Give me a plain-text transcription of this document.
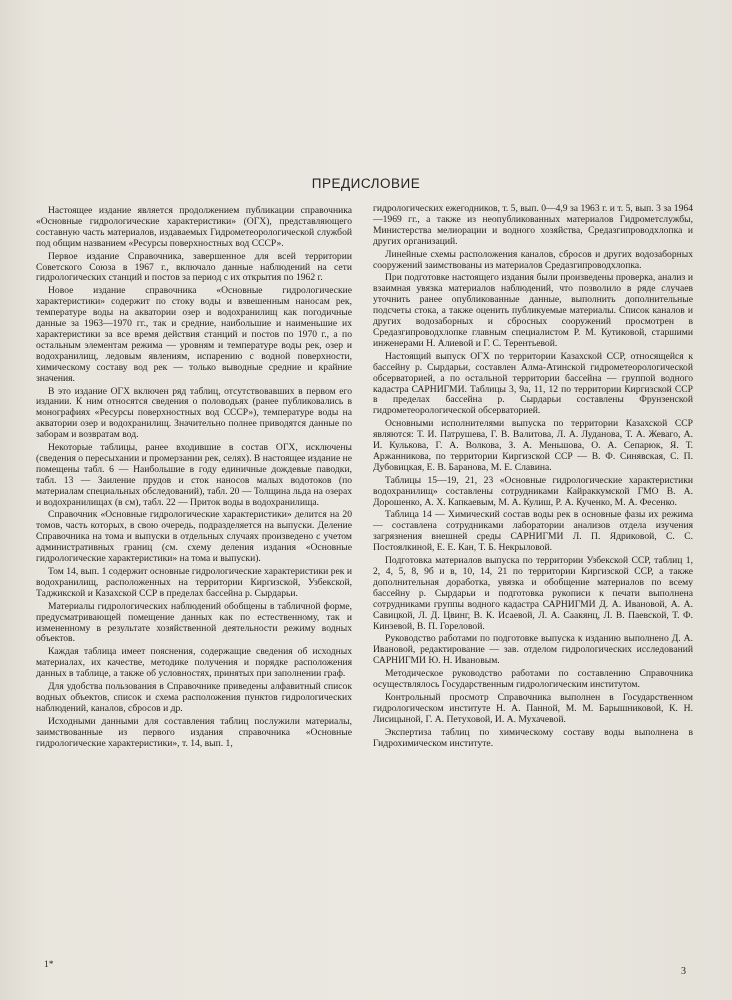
ПРЕДИСЛОВИЕ

Настоящее издание является продолжением публикации справочника «Основные гидрологические характеристики» (ОГХ), представляющего составную часть материалов, издаваемых Гидрометеорологической службой под общим названием «Ресурсы поверхностных вод СССР».

Первое издание Справочника, завершенное для всей территории Советского Союза в 1967 г., включало данные наблюдений на сети гидрологических станций и постов за период с их открытия по 1962 г.

Новое издание справочника «Основные гидрологические характеристики» содержит по стоку воды и взвешенным наносам рек, температуре воды на акватории озер и водохранилищ как погодичные данные за 1963—1970 гг., так и средние, наибольшие и наименьшие их характеристики за все время действия станций и постов по 1970 г., а по остальным элементам режима — уровням и температуре воды рек, озер и водохранилищ, ледовым явлениям, испарению с водной поверхности, химическому составу вод рек — только выводные средние и крайние значения.

В это издание ОГХ включен ряд таблиц, отсутствовавших в первом его издании. К ним относятся сведения о половодьях (ранее публиковались в монографиях «Ресурсы поверхностных вод СССР»), температуре воды на акватории озер и водохранилищ. Значительно полнее приводятся данные по заборам и возвратам вод.

Некоторые таблицы, ранее входившие в состав ОГХ, исключены (сведения о пересыхании и промерзании рек, селях). В настоящее издание не помещены табл. 6 — Наибольшие в году единичные дождевые паводки, табл. 13 — Заиление прудов и сток наносов малых водотоков (по материалам специальных обследований), табл. 20 — Толщина льда на озерах и водохранилищах (в см), табл. 22 — Приток воды в водохранилища.

Справочник «Основные гидрологические характеристики» делится на 20 томов, часть которых, в свою очередь, подразделяется на выпуски. Деление Справочника на тома и выпуски в отдельных случаях произведено с учетом административных границ (см. схему деления издания «Основные гидрологические характеристики» на тома и выпуски).

Том 14, вып. 1 содержит основные гидрологические характеристики рек и водохранилищ, расположенных на территории Киргизской, Узбекской, Таджикской и Казахской ССР в пределах бассейна р. Сырдарьи.

Материалы гидрологических наблюдений обобщены в табличной форме, предусматривающей помещение данных как по естественному, так и измененному в результате хозяйственной деятельности режиму водных объектов.

Каждая таблица имеет пояснения, содержащие сведения об исходных материалах, их качестве, методике получения и порядке расположения данных в таблице, а также об условностях, принятых при заполнении граф.

Для удобства пользования в Справочнике приведены алфавитный список водных объектов, список и схема расположения пунктов гидрологических наблюдений, каналов, сбросов и др.

Исходными данными для составления таблиц послужили материалы, заимствованные из первого издания справочника «Основные гидрологические характеристики», т. 14, вып. 1,

гидрологических ежегодников, т. 5, вып. 0—4,9 за 1963 г. и т. 5, вып. 3 за 1964—1969 гг., а также из неопубликованных материалов Гидрометслужбы, Министерства мелиорации и водного хозяйства, Средазгипроводхлопка и других организаций.

Линейные схемы расположения каналов, сбросов и других водозаборных сооружений заимствованы из материалов Средазгипроводхлопка.

При подготовке настоящего издания были произведены проверка, анализ и взаимная увязка материалов наблюдений, что позволило в ряде случаев уточнить ранее опубликованные данные, выполнить дополнительные подсчеты стока, а также оценить публикуемые материалы. Список каналов и других водозаборных и сбросных сооружений просмотрен в Средазгипроводхлопке главным специалистом Р. М. Кутиковой, старшими инженерами Н. Алиевой и Г. С. Терентьевой.

Настоящий выпуск ОГХ по территории Казахской ССР, относящейся к бассейну р. Сырдарьи, составлен Алма-Атинской гидрометеорологической обсерваторией, а по остальной территории бассейна — группой водного кадастра САРНИГМИ. Таблицы 3, 9а, 11, 12 по территории Киргизской ССР в пределах бассейна р. Сырдарьи составлены Фрунзенской гидрометеорологической обсерваторией.

Основными исполнителями выпуска по территории Казахской ССР являются: Т. И. Патрушева, Г. В. Валитова, Л. А. Луданова, Т. А. Жеваго, А. И. Кулькова, Г. А. Волкова, З. А. Меньшова, О. А. Сепарюк, Я. Т. Аржанникова, по территории Киргизской ССР — В. Ф. Синявская, С. П. Дубовицкая, Е. В. Баранова, М. Е. Славина.

Таблицы 15—19, 21, 23 «Основные гидрологические характеристики водохранилищ» составлены сотрудниками Кайраккумской ГМО В. А. Дорошенко, А. Х. Капкаевым, М. А. Кулиш, Р. А. Кученко, М. А. Фесенко.

Таблица 14 — Химический состав воды рек в основные фазы их режима — составлена сотрудниками лаборатории анализов отдела изучения загрязнения внешней среды САРНИГМИ Л. П. Ядриковой, С. С. Постоялкиной, Е. Е. Кан, Т. Б. Некрыловой.

Подготовка материалов выпуска по территории Узбекской ССР, таблиц 1, 2, 4, 5, 8, 9б и в, 10, 14, 21 по территории Киргизской ССР, а также дополнительная доработка, увязка и обобщение материалов по всему бассейну р. Сырдарьи и подготовка рукописи к печати выполнена сотрудниками группы водного кадастра САРНИГМИ Д. А. Ивановой, А. А. Савицкой, Л. Д. Цвинг, В. К. Исаевой, Л. А. Саакянц, Л. В. Паевской, Т. Ф. Кинзевой, В. П. Гореловой.

Руководство работами по подготовке выпуска к изданию выполнено Д. А. Ивановой, редактирование — зав. отделом гидрологических исследований САРНИГМИ Ю. Н. Ивановым.

Методическое руководство работами по составлению Справочника осуществлялось Государственным гидрологическим институтом.

Контрольный просмотр Справочника выполнен в Государственном гидрологическом институте Н. А. Панной, М. М. Барышниковой, К. Н. Лисицыной, Г. А. Петуховой, И. А. Мухачевой.

Экспертиза таблиц по химическому составу воды выполнена в Гидрохимическом институте.

1*
3
